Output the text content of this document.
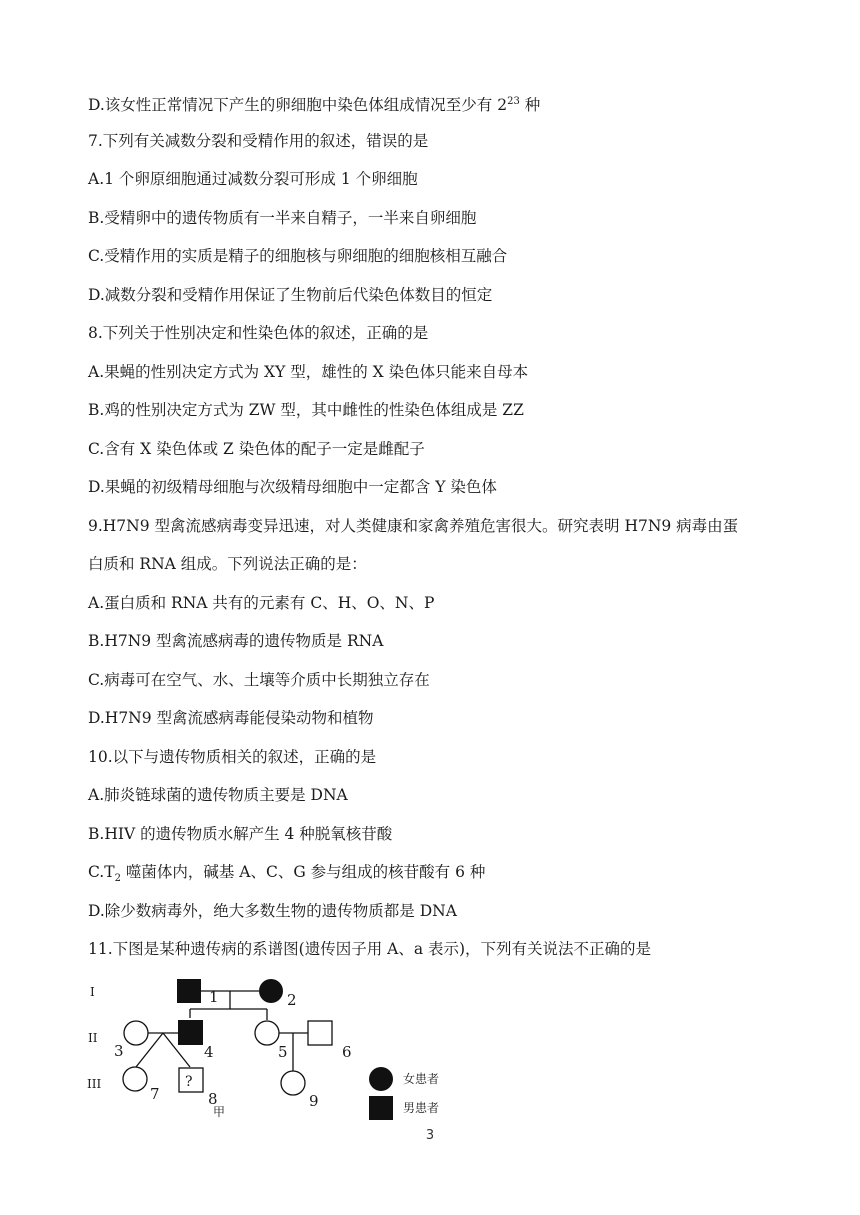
D.该女性正常情况下产生的卵细胞中染色体组成情况至少有 $2^{23}$ 种
7.下列有关减数分裂和受精作用的叙述，错误的是
A.1 个卵原细胞通过减数分裂可形成 1 个卵细胞
B.受精卵中的遗传物质有一半来自精子，一半来自卵细胞
C.受精作用的实质是精子的细胞核与卵细胞的细胞核相互融合
D.减数分裂和受精作用保证了生物前后代染色体数目的恒定
8.下列关于性别决定和性染色体的叙述，正确的是
A.果蝇的性别决定方式为 XY 型，雄性的 X 染色体只能来自母本
B.鸡的性别决定方式为 ZW 型，其中雌性的性染色体组成是 ZZ
C.含有 X 染色体或 Z 染色体的配子一定是雌配子
D.果蝇的初级精母细胞与次级精母细胞中一定都含 Y 染色体
9.H7N9 型禽流感病毒变异迅速，对人类健康和家禽养殖危害很大。研究表明 H7N9 病毒由蛋
白质和 RNA 组成。下列说法正确的是：
A.蛋白质和 RNA 共有的元素有 C、H、O、N、P
B.H7N9 型禽流感病毒的遗传物质是 RNA
C.病毒可在空气、水、土壤等介质中长期独立存在
D.H7N9 型禽流感病毒能侵染动物和植物
10.以下与遗传物质相关的叙述，正确的是
A.肺炎链球菌的遗传物质主要是 DNA
B.HIV 的遗传物质水解产生 4 种脱氧核苷酸
$C.T_2$ 噬菌体内，碱基 A、C、G 参与组成的核苷酸有 6 种
D.除少数病毒外，绝大多数生物的遗传物质都是 DNA
11.下图是某种遗传病的系谱图(遗传因子用 A、a 表示)，下列有关说法不正确的是
I
II
III
1	2
3	4	5	6
?
7	8	9
甲
女患者
男患者
3
